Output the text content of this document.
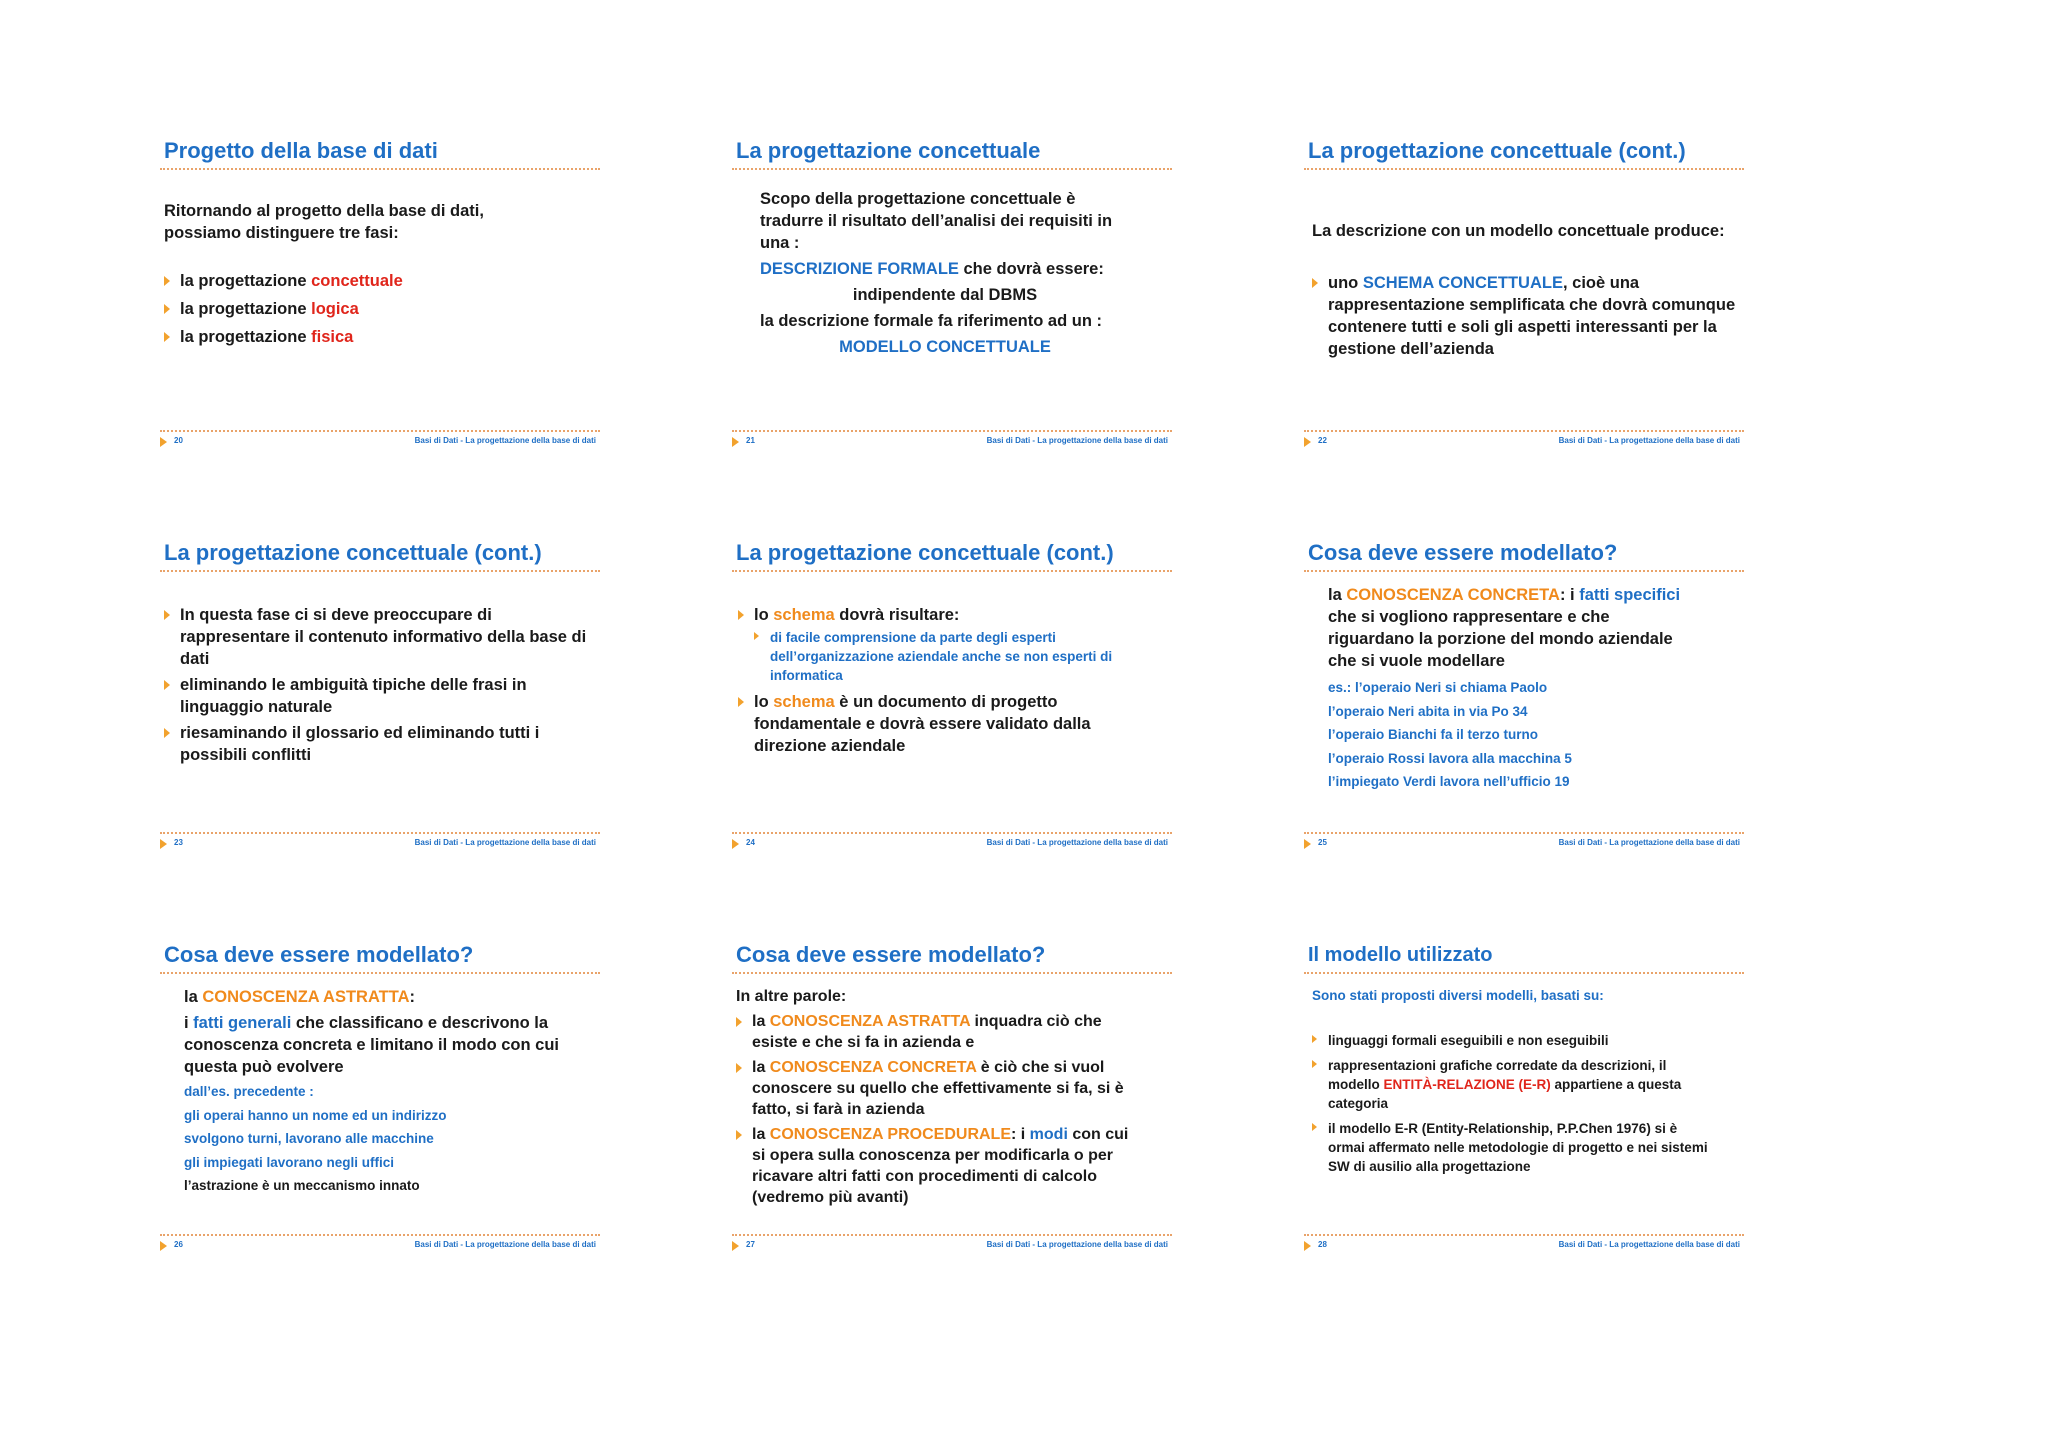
Progetto della base di dati

Ritornando al progetto della base di dati, possiamo distinguere tre fasi:

la progettazione concettuale
la progettazione logica
la progettazione fisica
20	Basi di Dati - La progettazione della base di dati
La progettazione concettuale

Scopo della progettazione concettuale è tradurre il risultato dell’analisi dei requisiti in una :

DESCRIZIONE FORMALE che dovrà essere:

indipendente dal DBMS

la descrizione formale fa riferimento ad un :

MODELLO CONCETTUALE

21	Basi di Dati - La progettazione della base di dati
La progettazione concettuale (cont.)

La descrizione con un modello concettuale produce:

uno SCHEMA CONCETTUALE, cioè una rappresentazione semplificata che dovrà comunque contenere tutti e soli gli aspetti interessanti per la gestione dell’azienda
22	Basi di Dati - La progettazione della base di dati
La progettazione concettuale (cont.)
In questa fase ci si deve preoccupare di rappresentare il contenuto informativo della base di dati
eliminando le ambiguità tipiche delle frasi in linguaggio naturale
riesaminando il glossario ed eliminando tutti i possibili conflitti
23	Basi di Dati - La progettazione della base di dati
La progettazione concettuale (cont.)
lo schema dovrà risultare:
di facile comprensione da parte degli esperti dell’organizzazione aziendale anche se non esperti di informatica
lo schema è un documento di progetto fondamentale e dovrà essere validato dalla direzione aziendale
24	Basi di Dati - La progettazione della base di dati
Cosa deve essere modellato?

la CONOSCENZA CONCRETA: i fatti specifici che si vogliono rappresentare e che riguardano la porzione del mondo aziendale che si vuole modellare

es.: l’operaio Neri si chiama Paolo

l’operaio Neri abita in via Po 34

l’operaio Bianchi fa il terzo turno

l’operaio Rossi lavora alla macchina 5

l’impiegato Verdi lavora nell’ufficio 19

25	Basi di Dati - La progettazione della base di dati
Cosa deve essere modellato?

la CONOSCENZA ASTRATTA:

i fatti generali che classificano e descrivono la conoscenza concreta e limitano il modo con cui questa può evolvere

dall’es. precedente :

gli operai hanno un nome ed un indirizzo

svolgono turni, lavorano alle macchine

gli impiegati lavorano negli uffici

l’astrazione è un meccanismo innato

26	Basi di Dati - La progettazione della base di dati
Cosa deve essere modellato?

In altre parole:

la CONOSCENZA ASTRATTA inquadra ciò che esiste e che si fa in azienda e
la CONOSCENZA CONCRETA è ciò che si vuol conoscere su quello che effettivamente si fa, si è fatto, si farà in azienda
la CONOSCENZA PROCEDURALE: i modi con cui si opera sulla conoscenza per modificarla o per ricavare altri fatti con procedimenti di calcolo (vedremo più avanti)
27	Basi di Dati - La progettazione della base di dati
Il modello utilizzato

Sono stati proposti diversi modelli, basati su:

linguaggi formali eseguibili e non eseguibili
rappresentazioni grafiche corredate da descrizioni, il modello ENTITÀ-RELAZIONE (E-R) appartiene a questa categoria
il modello E-R (Entity-Relationship, P.P.Chen 1976) si è ormai affermato nelle metodologie di progetto e nei sistemi SW di ausilio alla progettazione
28	Basi di Dati - La progettazione della base di dati
